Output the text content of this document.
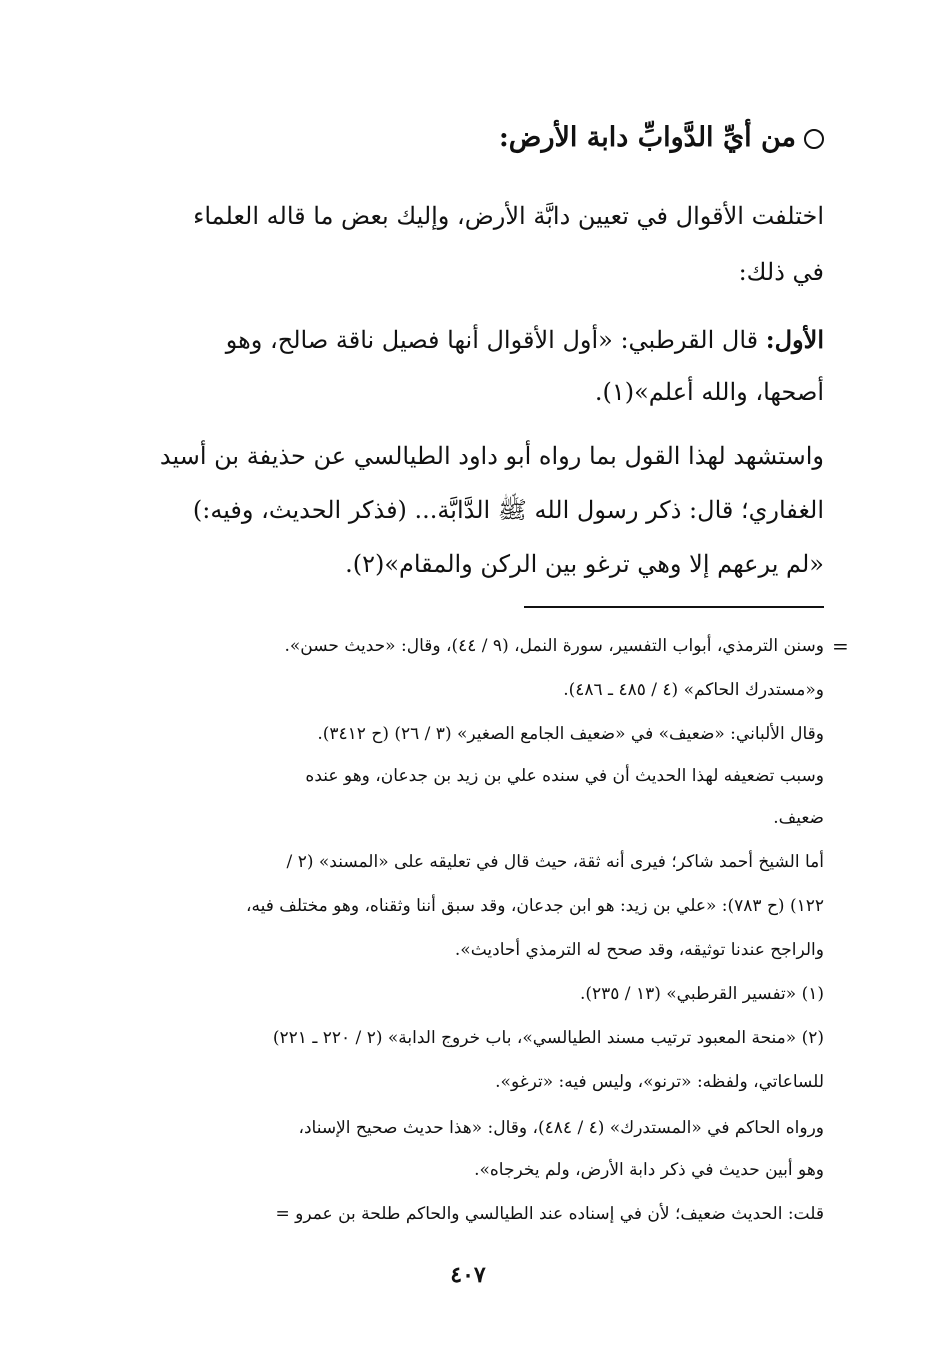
من أيِّ الدَّوابِّ دابة الأرض:
اختلفت الأقوال في تعيين دابَّة الأرض، وإليك بعض ما قاله العلماء
في ذلك:
الأول: قال القرطبي: «أول الأقوال أنها فصيل ناقة صالح، وهو
أصحها، والله أعلم»(١).
واستشهد لهذا القول بما رواه أبو داود الطيالسي عن حذيفة بن أسيد
الغفاري؛ قال: ذكر رسول الله ﷺ الدَّابَّة... (فذكر الحديث، وفيه:)
«لم يرعهم إلا وهي ترغو بين الركن والمقام»(٢).
=
وسنن الترمذي، أبواب التفسير، سورة النمل، (٩ / ٤٤)، وقال: «حديث حسن».
و«مستدرك الحاكم» (٤ / ٤٨٥ ـ ٤٨٦).
وقال الألباني: «ضعيف» في «ضعيف الجامع الصغير» (٣ / ٢٦) (ح ٣٤١٢).
وسبب تضعيفه لهذا الحديث أن في سنده علي بن زيد بن جدعان، وهو عنده
ضعيف.
أما الشيخ أحمد شاكر؛ فيرى أنه ثقة، حيث قال في تعليقه على «المسند» (٢ /
١٢٢) (ح ٧٨٣): «علي بن زيد: هو ابن جدعان، وقد سبق أننا وثقناه، وهو مختلف فيه،
والراجح عندنا توثيقه، وقد صحح له الترمذي أحاديث».
(١) «تفسير القرطبي» (١٣ / ٢٣٥).
(٢) «منحة المعبود ترتيب مسند الطيالسي»، باب خروج الدابة» (٢ / ٢٢٠ ـ ٢٢١)
للساعاتي، ولفظه: «ترنو»، وليس فيه: «ترغو».
ورواه الحاكم في «المستدرك» (٤ / ٤٨٤)، وقال: «هذا حديث صحيح الإسناد،
وهو أبين حديث في ذكر دابة الأرض، ولم يخرجاه».
قلت: الحديث ضعيف؛ لأن في إسناده عند الطيالسي والحاكم طلحة بن عمرو =
٤٠٧
